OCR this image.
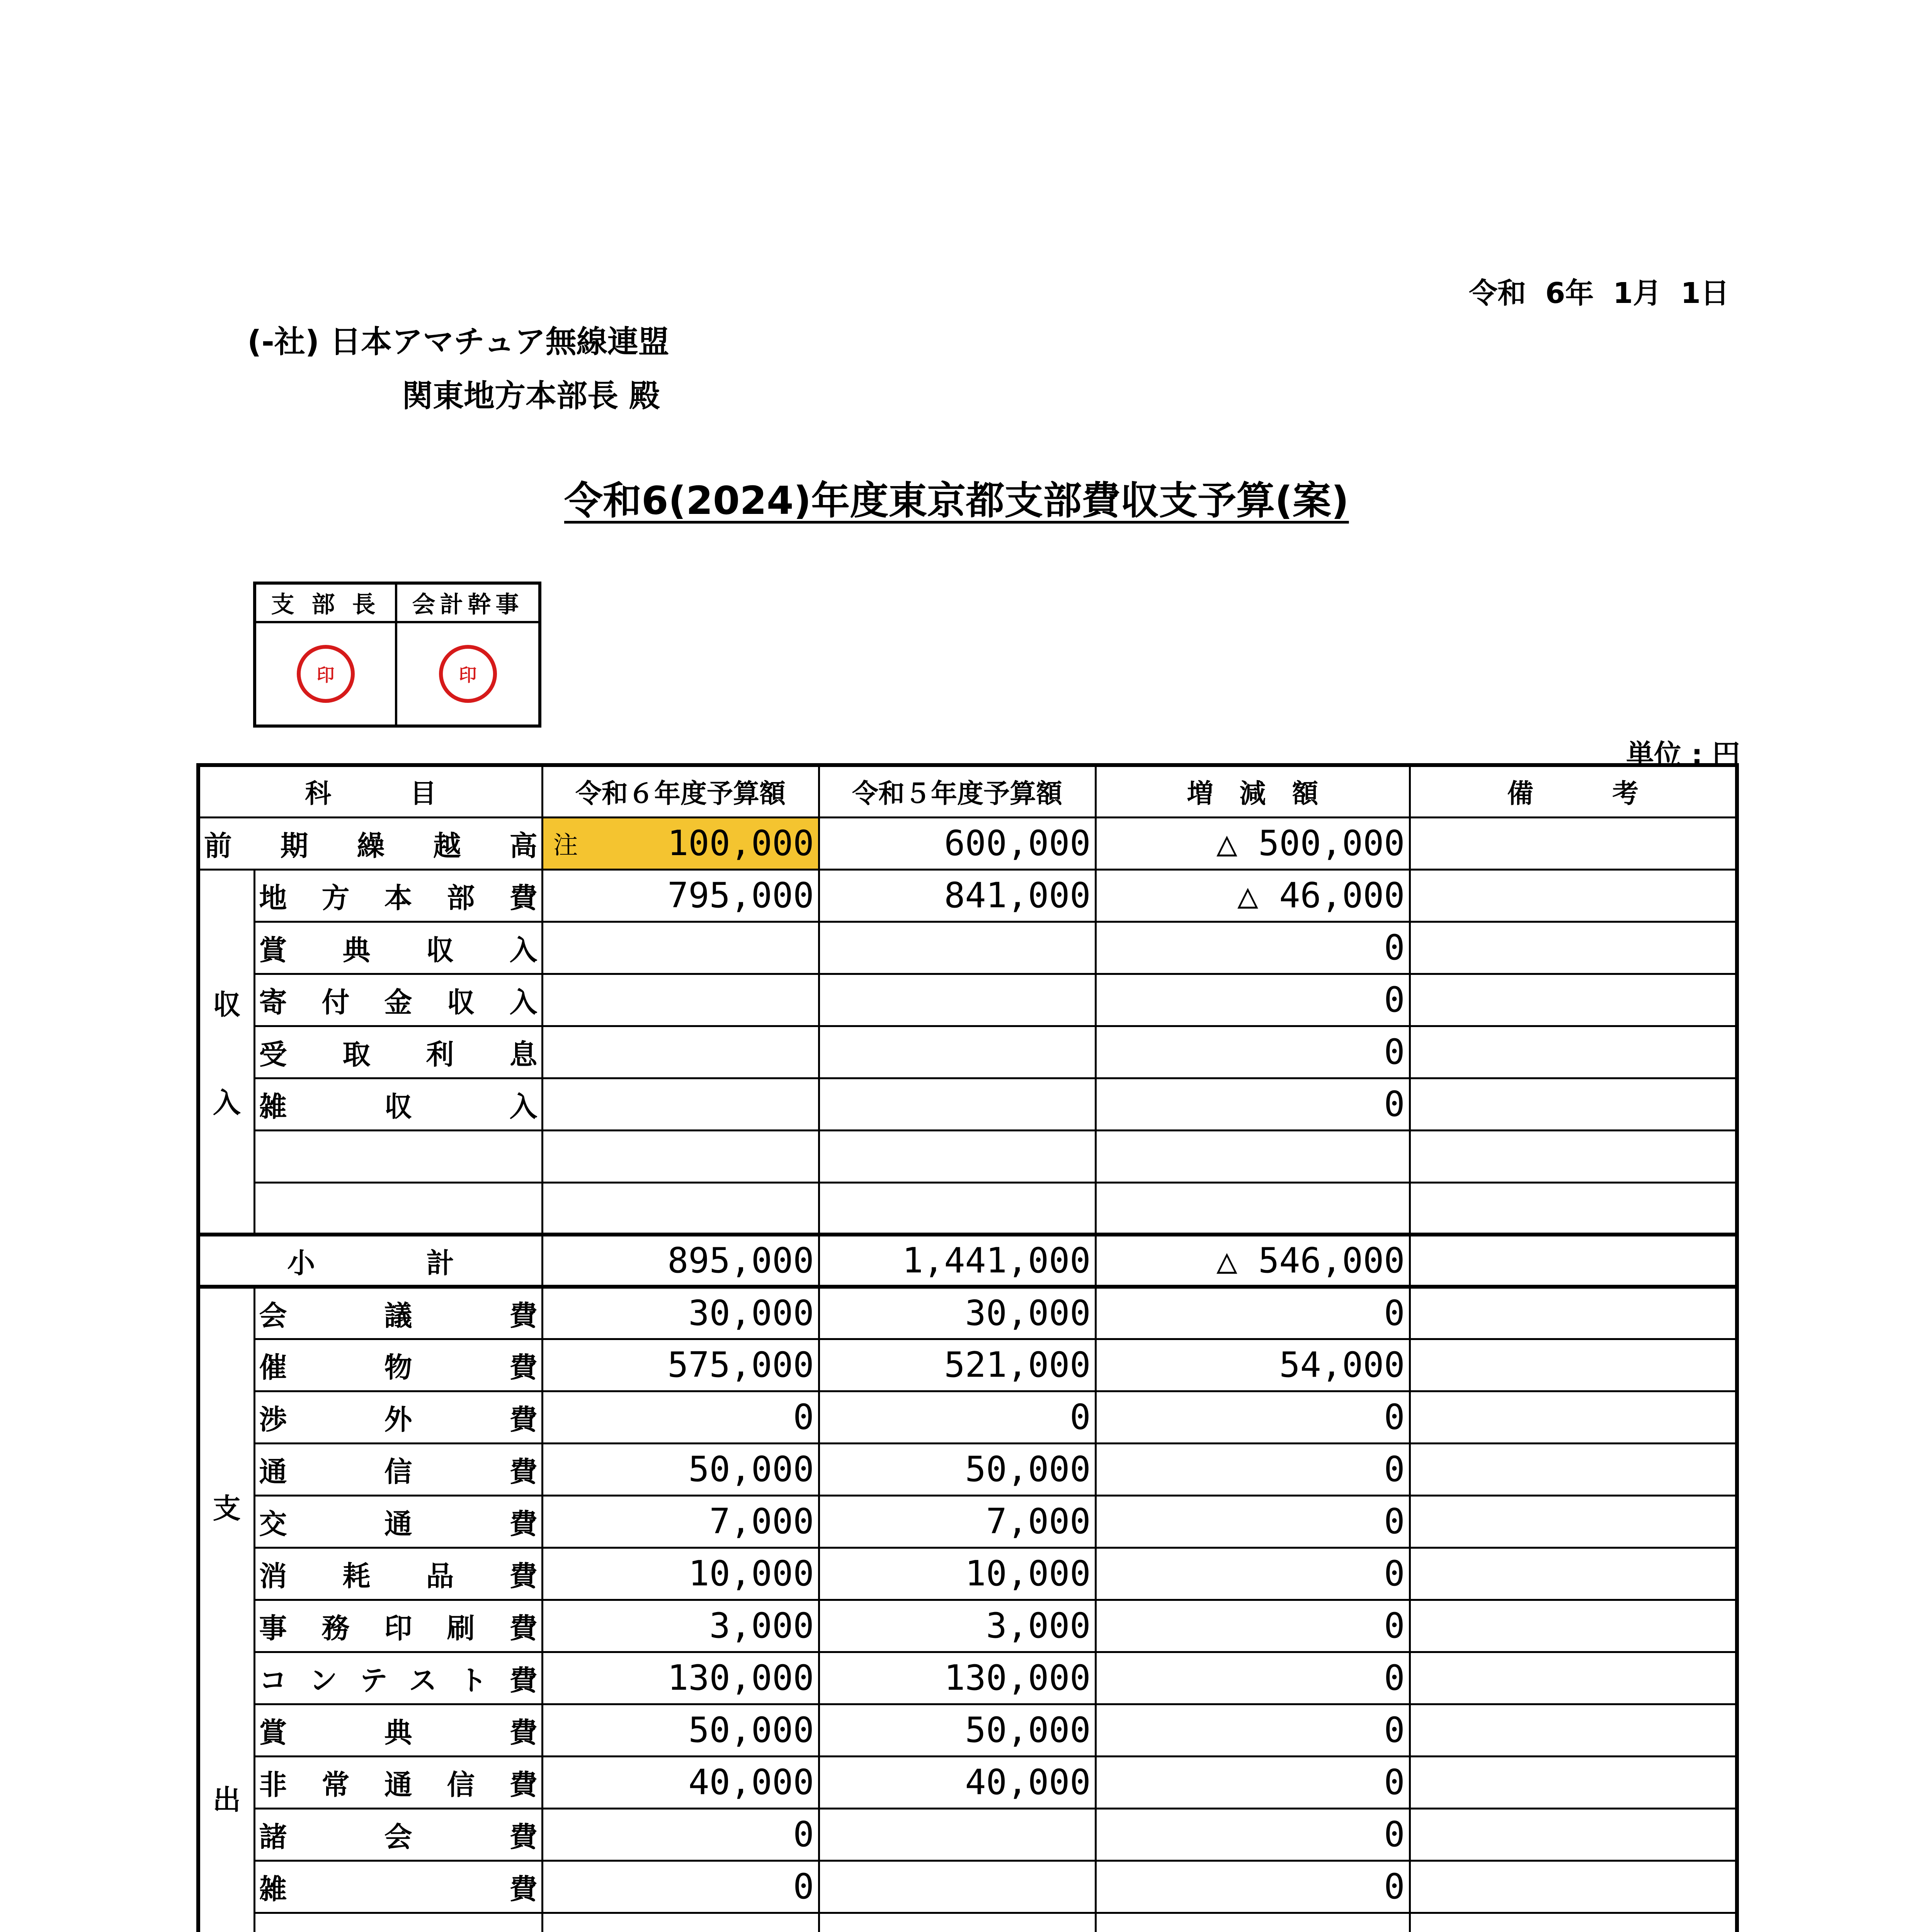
令和 6年 1月 1日
(-社) 日本アマチュア無線連盟
関東地方本部長 殿
令和6(2024)年度東京都支部費収支予算(案)
支 部 長	会計幹事
印	印
単位 : 円
科　　　目		令和６年度予算額	令和５年度予算額	増　減　額	備　　　考
前期繰越高		注 100,000	600,000	△ 500,000	

収
入	地方本部費	795,000	841,000	△ 46,000	
	賞典収入			0	
	寄付金収入			0	
	受取利息			0	
	雑収入			0	

小　　　　計		895,000	1,441,000	△ 546,000	

支
出	会議費	30,000	30,000	0	
	催物費	575,000	521,000	54,000	
	渉外費	0	0	0	
	通信費	50,000	50,000	0	
	交通費	7,000	7,000	0	
	消耗品費	10,000	10,000	0	
	事務印刷費	3,000	3,000	0	
	コンテスト費	130,000	130,000	0	
	賞典費	50,000	50,000	0	
	非常通信費	40,000	40,000	0	
	諸会費	0		0	
	雑費	0		0	
